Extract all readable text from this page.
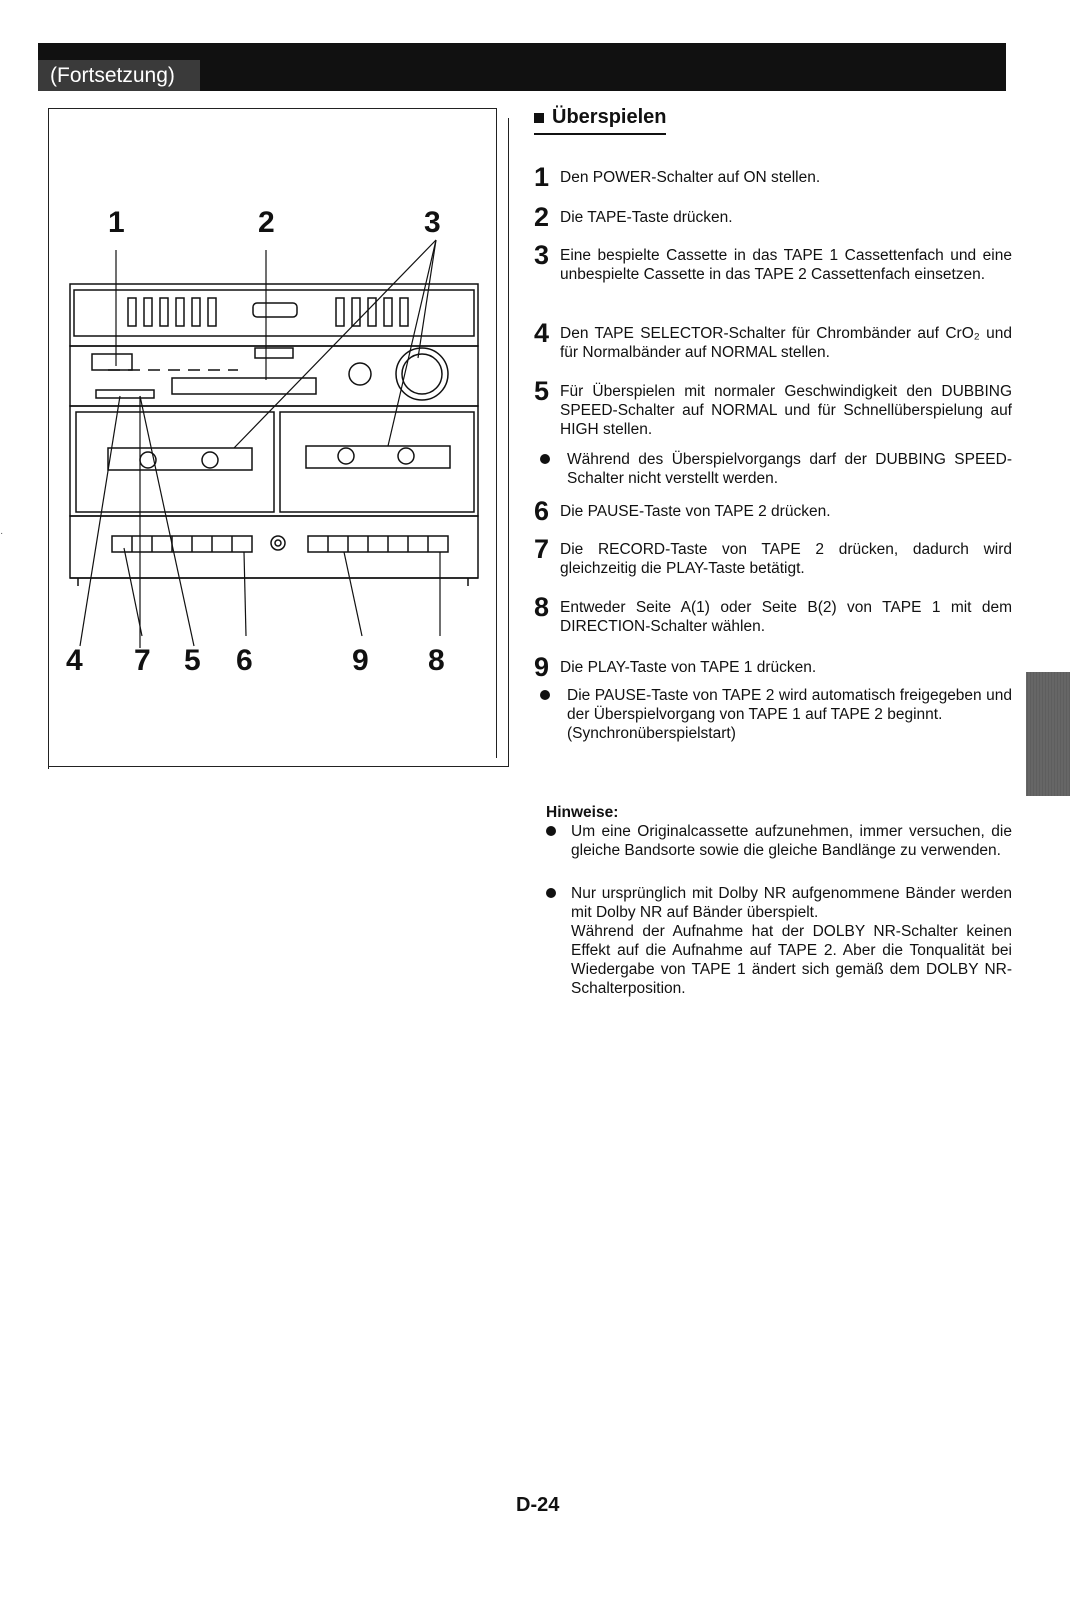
(Fortsetzung)
1	2	3
4 7 5 6	9 8
Überspielen
1 Den POWER-Schalter auf ON stellen.
2 Die TAPE-Taste drücken.
3 Eine bespielte Cassette in das TAPE 1 Cassettenfach und eine unbespielte Cassette in das TAPE 2 Cassettenfach einsetzen.
4 Den TAPE SELECTOR-Schalter für Chrombänder auf CrO₂ und für Normalbänder auf NORMAL stellen.
5 Für Überspielen mit normaler Geschwindigkeit den DUBBING SPEED-Schalter auf NORMAL und für Schnellüberspielung auf HIGH stellen.
Während des Überspielvorgangs darf der DUBBING SPEED-Schalter nicht verstellt werden.
6 Die PAUSE-Taste von TAPE 2 drücken.
7 Die RECORD-Taste von TAPE 2 drücken, dadurch wird gleichzeitig die PLAY-Taste betätigt.
8 Entweder Seite A(1) oder Seite B(2) von TAPE 1 mit dem DIRECTION-Schalter wählen.
9 Die PLAY-Taste von TAPE 1 drücken.
Die PAUSE-Taste von TAPE 2 wird automatisch freigegeben und der Überspielvorgang von TAPE 1 auf TAPE 2 beginnt.
(Synchronüberspielstart)
Hinweise:
Um eine Originalcassette aufzunehmen, immer versuchen, die gleiche Bandsorte sowie die gleiche Bandlänge zu verwenden.
Nur ursprünglich mit Dolby NR aufgenommene Bänder werden mit Dolby NR auf Bänder überspielt.
Während der Aufnahme hat der DOLBY NR-Schalter keinen Effekt auf die Aufnahme auf TAPE 2. Aber die Tonqualität bei Wiedergabe von TAPE 1 ändert sich gemäß dem DOLBY NR-Schalterposition.
D-24
·
